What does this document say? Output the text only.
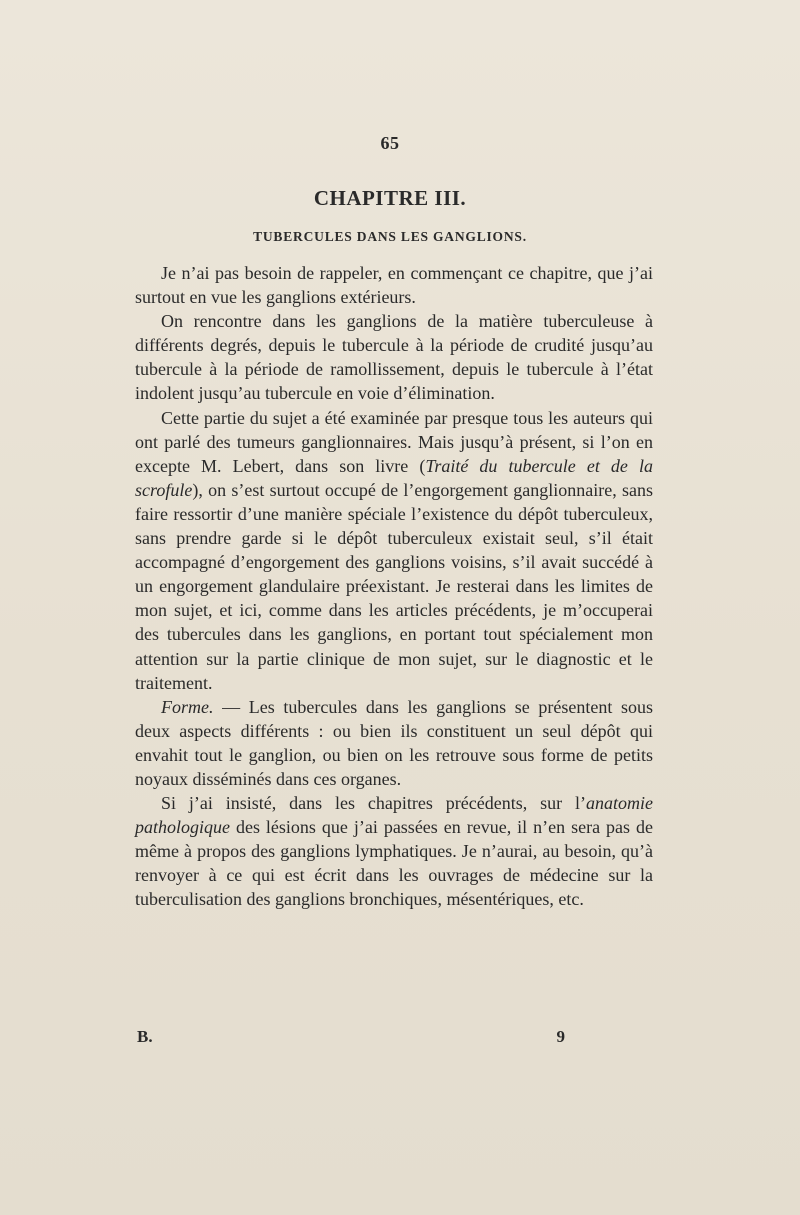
65
CHAPITRE III.
TUBERCULES DANS LES GANGLIONS.

Je n’ai pas besoin de rappeler, en commençant ce chapitre, que j’ai surtout en vue les ganglions extérieurs.

On rencontre dans les ganglions de la matière tuberculeuse à différents degrés, depuis le tubercule à la période de crudité jusqu’au tubercule à la période de ramollissement, depuis le tubercule à l’état indolent jusqu’au tubercule en voie d’élimination.

Cette partie du sujet a été examinée par presque tous les auteurs qui ont parlé des tumeurs ganglionnaires. Mais jusqu’à présent, si l’on en excepte M. Lebert, dans son livre (Traité du tubercule et de la scrofule), on s’est surtout occupé de l’engorgement ganglionnaire, sans faire ressortir d’une manière spéciale l’existence du dépôt tuberculeux, sans prendre garde si le dépôt tuberculeux existait seul, s’il était accompagné d’engorgement des ganglions voisins, s’il avait succédé à un engorgement glandulaire préexistant. Je resterai dans les limites de mon sujet, et ici, comme dans les articles précédents, je m’occuperai des tubercules dans les ganglions, en portant tout spécialement mon attention sur la partie clinique de mon sujet, sur le diagnostic et le traitement.

Forme. — Les tubercules dans les ganglions se présentent sous deux aspects différents : ou bien ils constituent un seul dépôt qui envahit tout le ganglion, ou bien on les retrouve sous forme de petits noyaux disséminés dans ces organes.

Si j’ai insisté, dans les chapitres précédents, sur l’anatomie pathologique des lésions que j’ai passées en revue, il n’en sera pas de même à propos des ganglions lymphatiques. Je n’aurai, au besoin, qu’à renvoyer à ce qui est écrit dans les ouvrages de médecine sur la tuberculisation des ganglions bronchiques, mésentériques, etc.

B.	9
